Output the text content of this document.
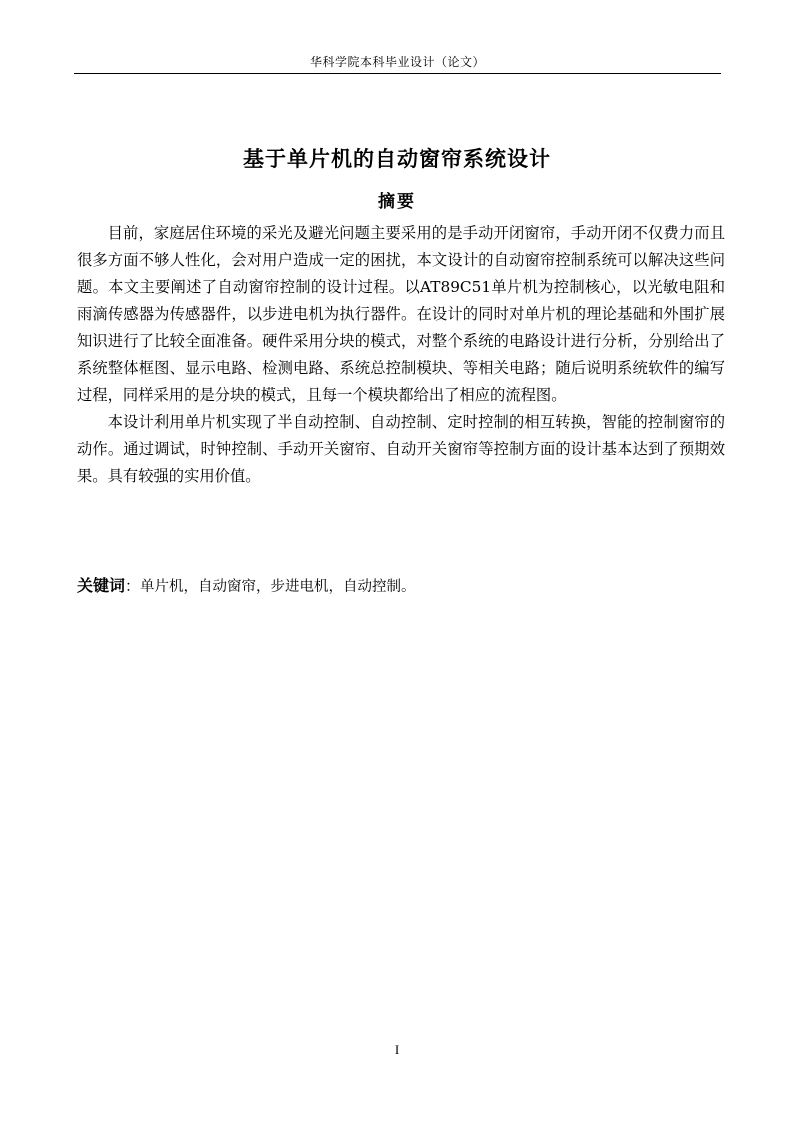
华科学院本科毕业设计（论文）
基于单片机的自动窗帘系统设计
摘要

目前，家庭居住环境的采光及避光问题主要采用的是手动开闭窗帘，手动开闭不仅费力而且很多方面不够人性化，会对用户造成一定的困扰，本文设计的自动窗帘控制系统可以解决这些问题。本文主要阐述了自动窗帘控制的设计过程。以AT89C51单片机为控制核心，以光敏电阻和雨滴传感器为传感器件，以步进电机为执行器件。在设计的同时对单片机的理论基础和外围扩展知识进行了比较全面准备。硬件采用分块的模式，对整个系统的电路设计进行分析，分别给出了系统整体框图、显示电路、检测电路、系统总控制模块、等相关电路；随后说明系统软件的编写过程，同样采用的是分块的模式，且每一个模块都给出了相应的流程图。

本设计利用单片机实现了半自动控制、自动控制、定时控制的相互转换，智能的控制窗帘的动作。通过调试，时钟控制、手动开关窗帘、自动开关窗帘等控制方面的设计基本达到了预期效果。具有较强的实用价值。

关键词：单片机，自动窗帘，步进电机，自动控制。
I
